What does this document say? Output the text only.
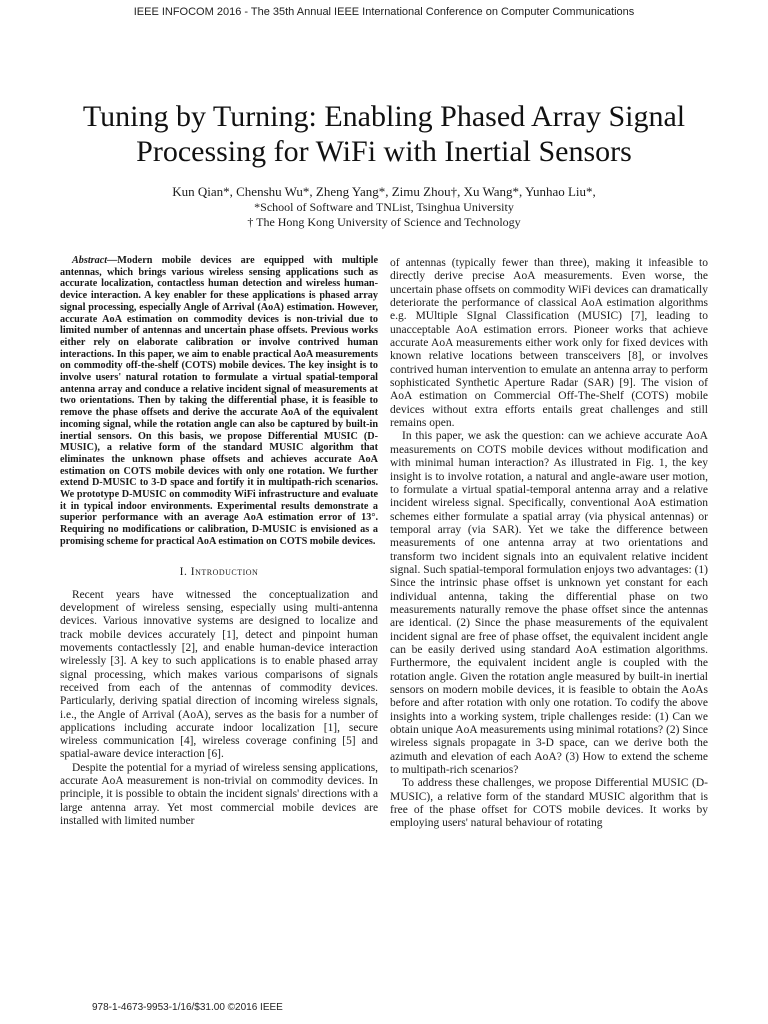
IEEE INFOCOM 2016 - The 35th Annual IEEE International Conference on Computer Communications
Tuning by Turning: Enabling Phased Array Signal
Processing for WiFi with Inertial Sensors
Kun Qian*, Chenshu Wu*, Zheng Yang*, Zimu Zhou†, Xu Wang*, Yunhao Liu*,
*School of Software and TNList, Tsinghua University
† The Hong Kong University of Science and Technology

Abstract—Modern mobile devices are equipped with multiple antennas, which brings various wireless sensing applications such as accurate localization, contactless human detection and wireless human-device interaction. A key enabler for these applications is phased array signal processing, especially Angle of Arrival (AoA) estimation. However, accurate AoA estimation on commodity devices is non-trivial due to limited number of antennas and uncertain phase offsets. Previous works either rely on elaborate calibration or involve contrived human interactions. In this paper, we aim to enable practical AoA measurements on commodity off-the-shelf (COTS) mobile devices. The key insight is to involve users' natural rotation to formulate a virtual spatial-temporal antenna array and conduce a relative incident signal of measurements at two orientations. Then by taking the differential phase, it is feasible to remove the phase offsets and derive the accurate AoA of the equivalent incoming signal, while the rotation angle can also be captured by built-in inertial sensors. On this basis, we propose Differential MUSIC (D-MUSIC), a relative form of the standard MUSIC algorithm that eliminates the unknown phase offsets and achieves accurate AoA estimation on COTS mobile devices with only one rotation. We further extend D-MUSIC to 3-D space and fortify it in multipath-rich scenarios. We prototype D-MUSIC on commodity WiFi infrastructure and evaluate it in typical indoor environments. Experimental results demonstrate a superior performance with an average AoA estimation error of 13°. Requiring no modifications or calibration, D-MUSIC is envisioned as a promising scheme for practical AoA estimation on COTS mobile devices.

I. Introduction

Recent years have witnessed the conceptualization and development of wireless sensing, especially using multi-antenna devices. Various innovative systems are designed to localize and track mobile devices accurately [1], detect and pinpoint human movements contactlessly [2], and enable human-device interaction wirelessly [3]. A key to such applications is to enable phased array signal processing, which makes various comparisons of signals received from each of the antennas of commodity devices. Particularly, deriving spatial direction of incoming wireless signals, i.e., the Angle of Arrival (AoA), serves as the basis for a number of applications including accurate indoor localization [1], secure wireless communication [4], wireless coverage confining [5] and spatial-aware device interaction [6].

Despite the potential for a myriad of wireless sensing applications, accurate AoA measurement is non-trivial on commodity devices. In principle, it is possible to obtain the incident signals' directions with a large antenna array. Yet most commercial mobile devices are installed with limited number

of antennas (typically fewer than three), making it infeasible to directly derive precise AoA measurements. Even worse, the uncertain phase offsets on commodity WiFi devices can dramatically deteriorate the performance of classical AoA estimation algorithms e.g. MUltiple SIgnal Classification (MUSIC) [7], leading to unacceptable AoA estimation errors. Pioneer works that achieve accurate AoA measurements either work only for fixed devices with known relative locations between transceivers [8], or involves contrived human intervention to emulate an antenna array to perform sophisticated Synthetic Aperture Radar (SAR) [9]. The vision of AoA estimation on Commercial Off-The-Shelf (COTS) mobile devices without extra efforts entails great challenges and still remains open.

In this paper, we ask the question: can we achieve accurate AoA measurements on COTS mobile devices without modification and with minimal human interaction? As illustrated in Fig. 1, the key insight is to involve rotation, a natural and angle-aware user motion, to formulate a virtual spatial-temporal antenna array and a relative incident wireless signal. Specifically, conventional AoA estimation schemes either formulate a spatial array (via physical antennas) or temporal array (via SAR). Yet we take the difference between measurements of one antenna array at two orientations and transform two incident signals into an equivalent relative incident signal. Such spatial-temporal formulation enjoys two advantages: (1) Since the intrinsic phase offset is unknown yet constant for each individual antenna, taking the differential phase on two measurements naturally remove the phase offset since the antennas are identical. (2) Since the phase measurements of the equivalent incident signal are free of phase offset, the equivalent incident angle can be easily derived using standard AoA estimation algorithms. Furthermore, the equivalent incident angle is coupled with the rotation angle. Given the rotation angle measured by built-in inertial sensors on modern mobile devices, it is feasible to obtain the AoAs before and after rotation with only one rotation. To codify the above insights into a working system, triple challenges reside: (1) Can we obtain unique AoA measurements using minimal rotations? (2) Since wireless signals propagate in 3-D space, can we derive both the azimuth and elevation of each AoA? (3) How to extend the scheme to multipath-rich scenarios?

To address these challenges, we propose Differential MUSIC (D-MUSIC), a relative form of the standard MUSIC algorithm that is free of the phase offset for COTS mobile devices. It works by employing users' natural behaviour of rotating

978-1-4673-9953-1/16/$31.00 ©2016 IEEE
